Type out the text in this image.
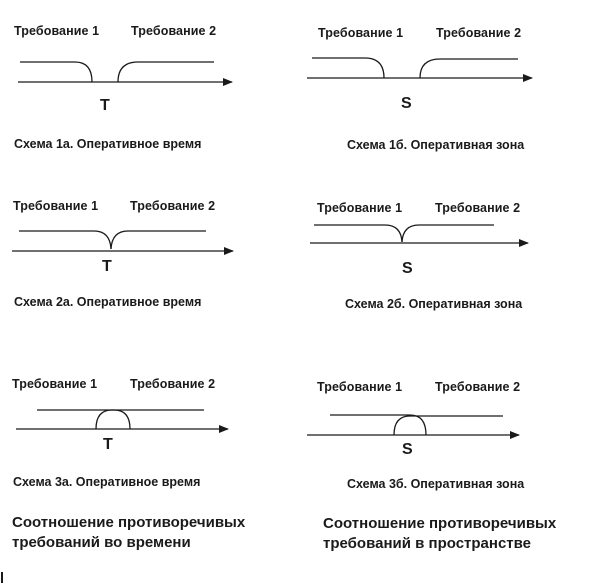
Требование 1	Требование 2
T
Схема 1а. Оперативное время
Требование 1	Требование 2
S
Схема 1б. Оперативная зона
Требование 1	Требование 2
T
Схема 2а. Оперативное время
Требование 1	Требование 2
S
Схема 2б. Оперативная зона
Требование 1	Требование 2
T
Схема 3а. Оперативное время
Требование 1	Требование 2
S
Схема 3б. Оперативная зона
Соотношение противоречивых требований во времени
Соотношение противоречивых требований в пространстве
